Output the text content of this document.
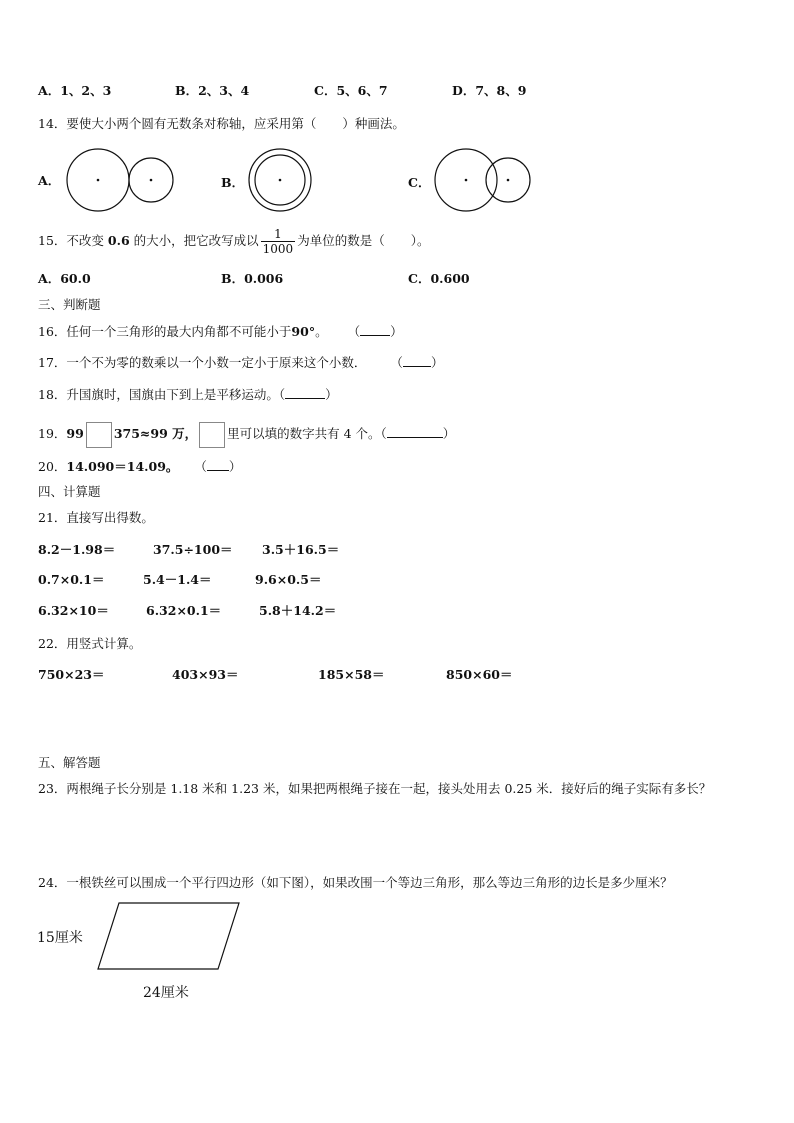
A．1、2、3	B．2、3、4	C．5、6、7	D．7、8、9
14．要使大小两个圆有无数条对称轴，应采用第（ ）种画法。
A．	B．	C．
15．不改变 0.6 的大小，把它改写成以 $\frac{1}{1000}$ 为单位的数是（ ）。
A．60.0	B．0.006	C．0.600
三、判断题
16．任何一个三角形的最大内角都不可能小于90°。 （ ）
17．一个不为零的数乘以一个小数一定小于原来这个小数． （ ）
18．升国旗时，国旗由下到上是平移运动。（	）
19．99 375≈99 万， 里可以填的数字共有 4 个。（	）
20．14.090＝14.09。 （ ）
四、计算题
21．直接写出得数。
8.2－1.98＝	37.5÷100＝ 3.5＋16.5＝
0.7×0.1＝	5.4－1.4＝	9.6×0.5＝
6.32×10＝	6.32×0.1＝	5.8＋14.2＝
22．用竖式计算。
750×23＝	403×93＝	185×58＝	850×60＝
五、解答题
23．两根绳子长分别是 1.18 米和 1.23 米，如果把两根绳子接在一起，接头处用去 0.25 米．接好后的绳子实际有多长？
24．一根铁丝可以围成一个平行四边形（如下图），如果改围一个等边三角形，那么等边三角形的边长是多少厘米？
15厘米
24厘米
